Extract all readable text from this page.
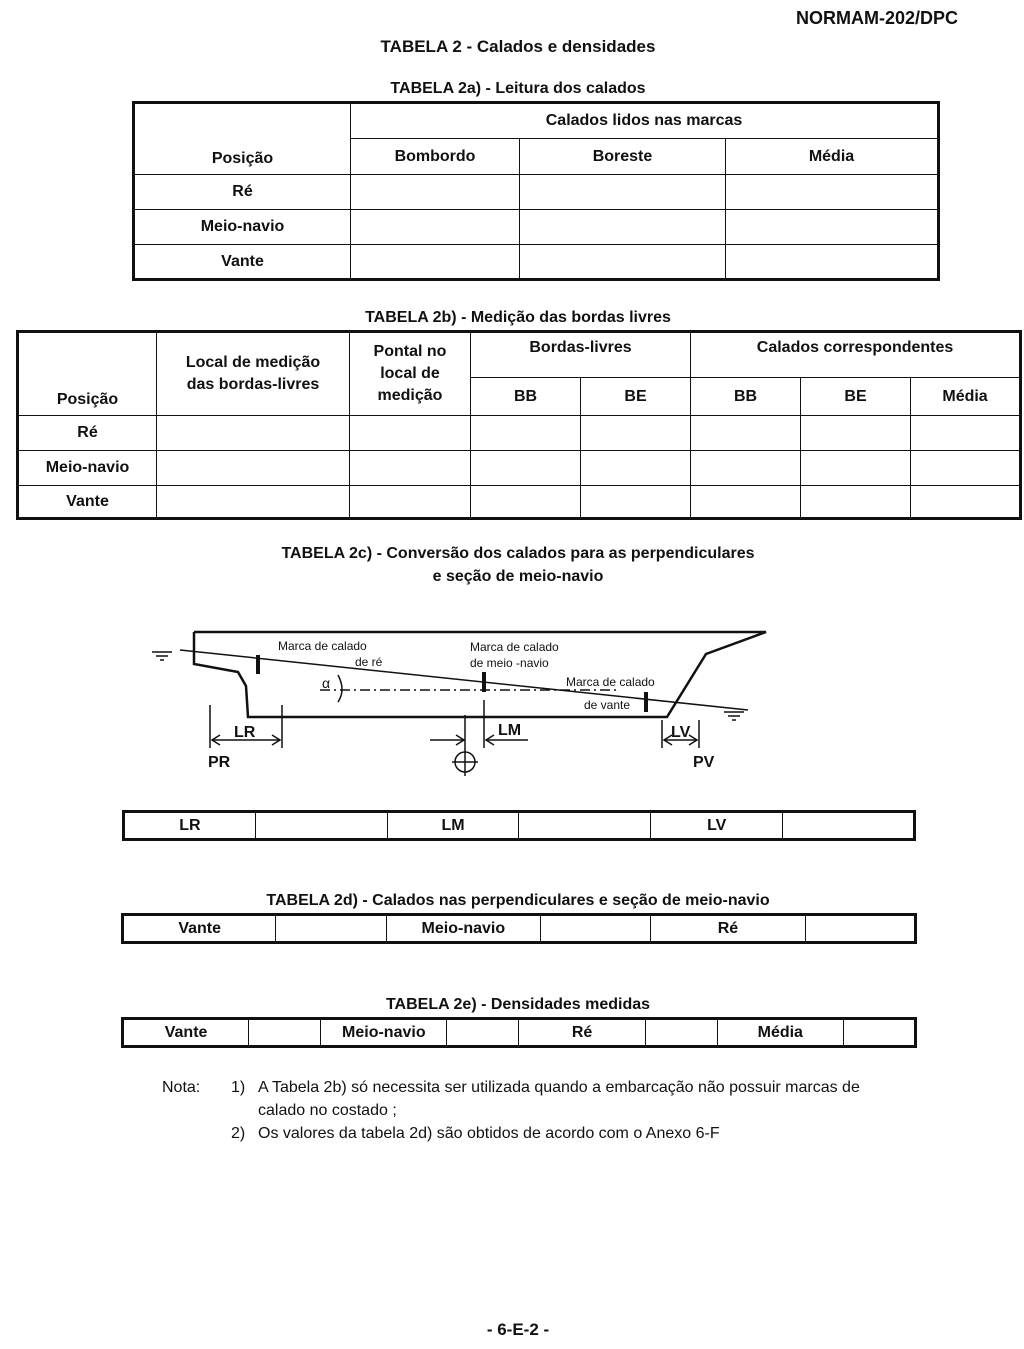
NORMAM-202/DPC
TABELA 2 - Calados e densidades
TABELA 2a) - Leitura dos calados
Posição	Calados lidos nas marcas		
	Bombordo	Boreste	Média
Ré			
Meio-navio			
Vante			
TABELA 2b) - Medição das bordas livres
Posição	Local de medição das bordas-livres	Pontal no local de medição	Bordas-livres		Calados correspondentes		
			BB	BE	BB	BE	Média
Ré							
Meio-navio							
Vante							
TABELA 2c) - Conversão dos calados para as perpendiculares
e seção de meio-navio
Marca de calado
de ré
Marca de calado
de meio -navio
Marca de calado
de vante
α
LR	LM	LV
PR	PV
LR		LM		LV	
TABELA 2d) - Calados nas perpendiculares e seção de meio-navio
Vante		Meio-navio		Ré	
TABELA 2e) - Densidades medidas
Vante		Meio-navio		Ré		Média	
Nota: 1) A Tabela 2b) só necessita ser utilizada quando a embarcação não possuir marcas de
calado no costado ;
2) Os valores da tabela 2d) são obtidos de acordo com o Anexo 6-F
- 6-E-2 -
